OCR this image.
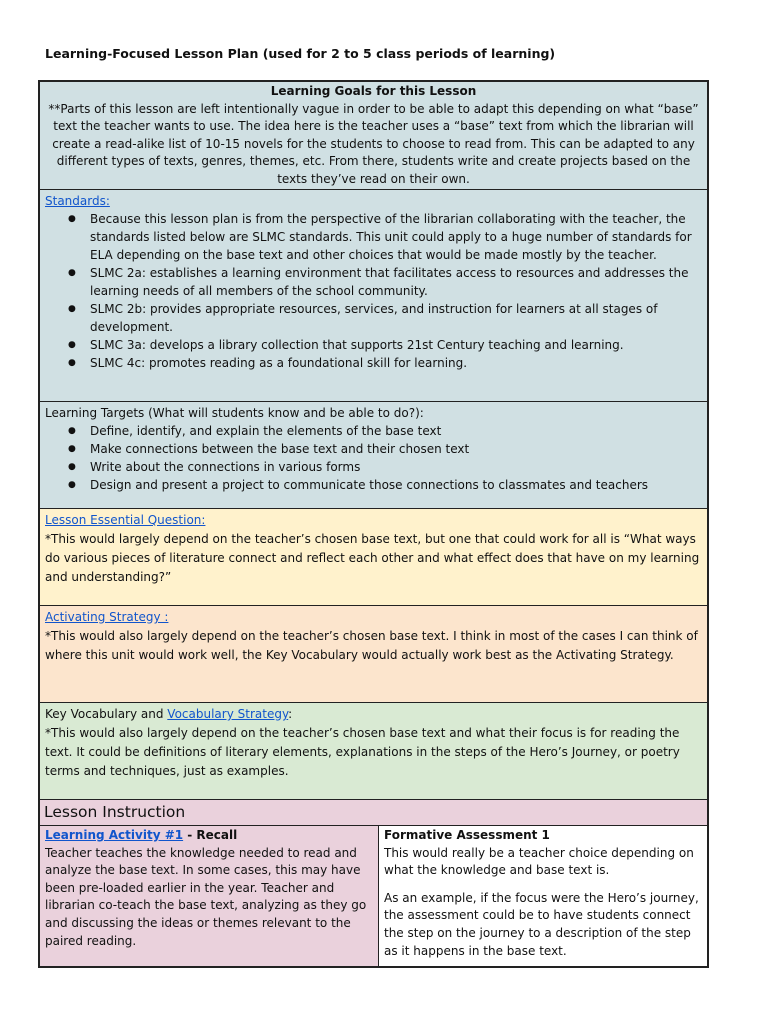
Learning-Focused Lesson Plan (used for 2 to 5 class periods of learning)
Learning Goals for this Lesson
**Parts of this lesson are left intentionally vague in order to be able to adapt this depending on what “base” text the teacher wants to use. The idea here is the teacher uses a “base” text from which the librarian will create a read-alike list of 10-15 novels for the students to choose to read from. This can be adapted to any different types of texts, genres, themes, etc. From there, students write and create projects based on the texts they’ve read on their own.
Standards:
● Because this lesson plan is from the perspective of the librarian collaborating with the teacher, the standards listed below are SLMC standards. This unit could apply to a huge number of standards for ELA depending on the base text and other choices that would be made mostly by the teacher.
● SLMC 2a: establishes a learning environment that facilitates access to resources and addresses the learning needs of all members of the school community.
● SLMC 2b: provides appropriate resources, services, and instruction for learners at all stages of development.
● SLMC 3a: develops a library collection that supports 21st Century teaching and learning.
● SLMC 4c: promotes reading as a foundational skill for learning.
Learning Targets (What will students know and be able to do?):
● Define, identify, and explain the elements of the base text
● Make connections between the base text and their chosen text
● Write about the connections in various forms
● Design and present a project to communicate those connections to classmates and teachers
Lesson Essential Question:
*This would largely depend on the teacher’s chosen base text, but one that could work for all is “What ways do various pieces of literature connect and reflect each other and what effect does that have on my learning and understanding?”
Activating Strategy :
*This would also largely depend on the teacher’s chosen base text. I think in most of the cases I can think of where this unit would work well, the Key Vocabulary would actually work best as the Activating Strategy.
Key Vocabulary and Vocabulary Strategy:
*This would also largely depend on the teacher’s chosen base text and what their focus is for reading the text. It could be definitions of literary elements, explanations in the steps of the Hero’s Journey, or poetry terms and techniques, just as examples.
Lesson Instruction
Learning Activity #1 - Recall
Teacher teaches the knowledge needed to read and analyze the base text. In some cases, this may have been pre-loaded earlier in the year. Teacher and librarian co-teach the base text, analyzing as they go and discussing the ideas or themes relevant to the paired reading.
Formative Assessment 1
This would really be a teacher choice depending on what the knowledge and base text is.
As an example, if the focus were the Hero’s journey, the assessment could be to have students connect the step on the journey to a description of the step as it happens in the base text.
